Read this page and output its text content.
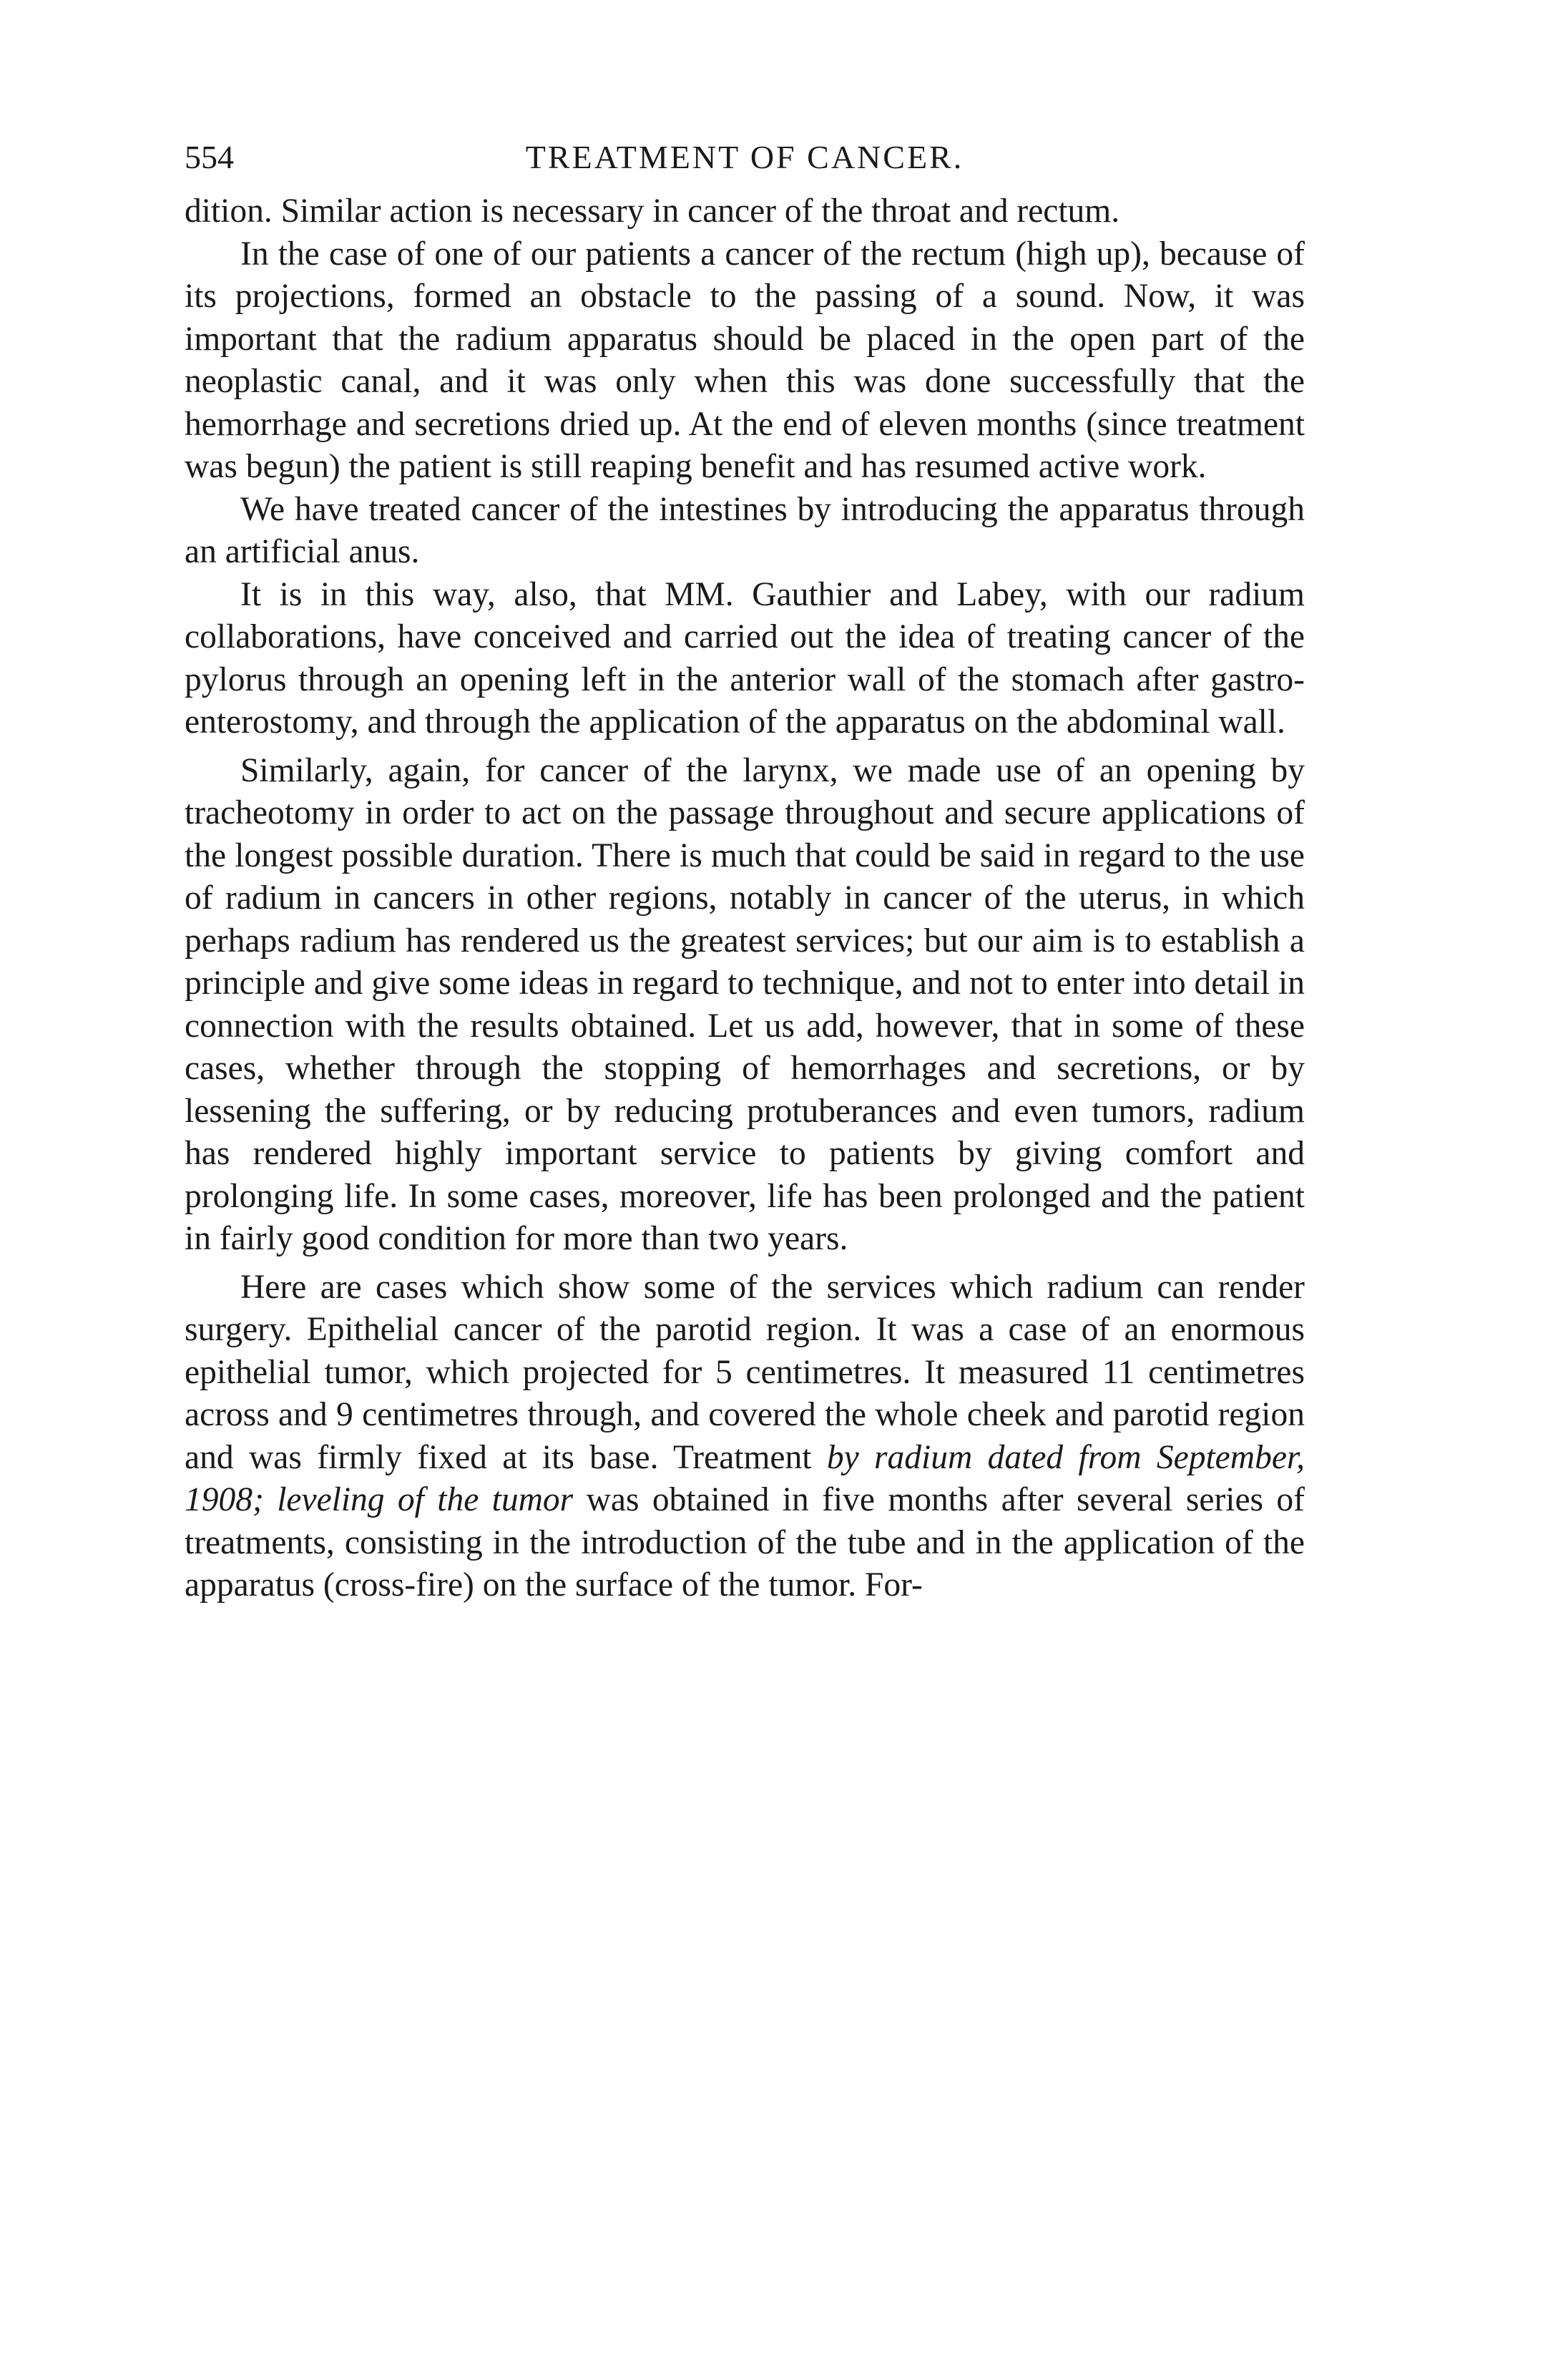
554	TREATMENT OF CANCER.

dition. Similar action is necessary in cancer of the throat and rectum.

In the case of one of our patients a cancer of the rectum (high up), because of its projections, formed an obstacle to the passing of a sound. Now, it was important that the radium apparatus should be placed in the open part of the neoplastic canal, and it was only when this was done successfully that the hemorrhage and secretions dried up. At the end of eleven months (since treatment was begun) the patient is still reaping benefit and has resumed active work.

We have treated cancer of the intestines by introducing the apparatus through an artificial anus.

It is in this way, also, that MM. Gauthier and Labey, with our radium collaborations, have conceived and carried out the idea of treating cancer of the pylorus through an opening left in the anterior wall of the stomach after gastro-enterostomy, and through the application of the apparatus on the abdominal wall.

Similarly, again, for cancer of the larynx, we made use of an opening by tracheotomy in order to act on the passage throughout and secure applications of the longest possible duration. There is much that could be said in regard to the use of radium in cancers in other regions, notably in cancer of the uterus, in which perhaps radium has rendered us the greatest services; but our aim is to establish a principle and give some ideas in regard to technique, and not to enter into detail in connection with the results obtained. Let us add, however, that in some of these cases, whether through the stopping of hemorrhages and secretions, or by lessening the suffering, or by reducing protuberances and even tumors, radium has rendered highly important service to patients by giving comfort and prolonging life. In some cases, moreover, life has been prolonged and the patient in fairly good condition for more than two years.

Here are cases which show some of the services which radium can render surgery. Epithelial cancer of the parotid region. It was a case of an enormous epithelial tumor, which projected for 5 centimetres. It measured 11 centimetres across and 9 centimetres through, and covered the whole cheek and parotid region and was firmly fixed at its base. Treatment by radium dated from September, 1908; leveling of the tumor was obtained in five months after several series of treatments, consisting in the introduction of the tube and in the application of the apparatus (cross-fire) on the surface of the tumor. For-
